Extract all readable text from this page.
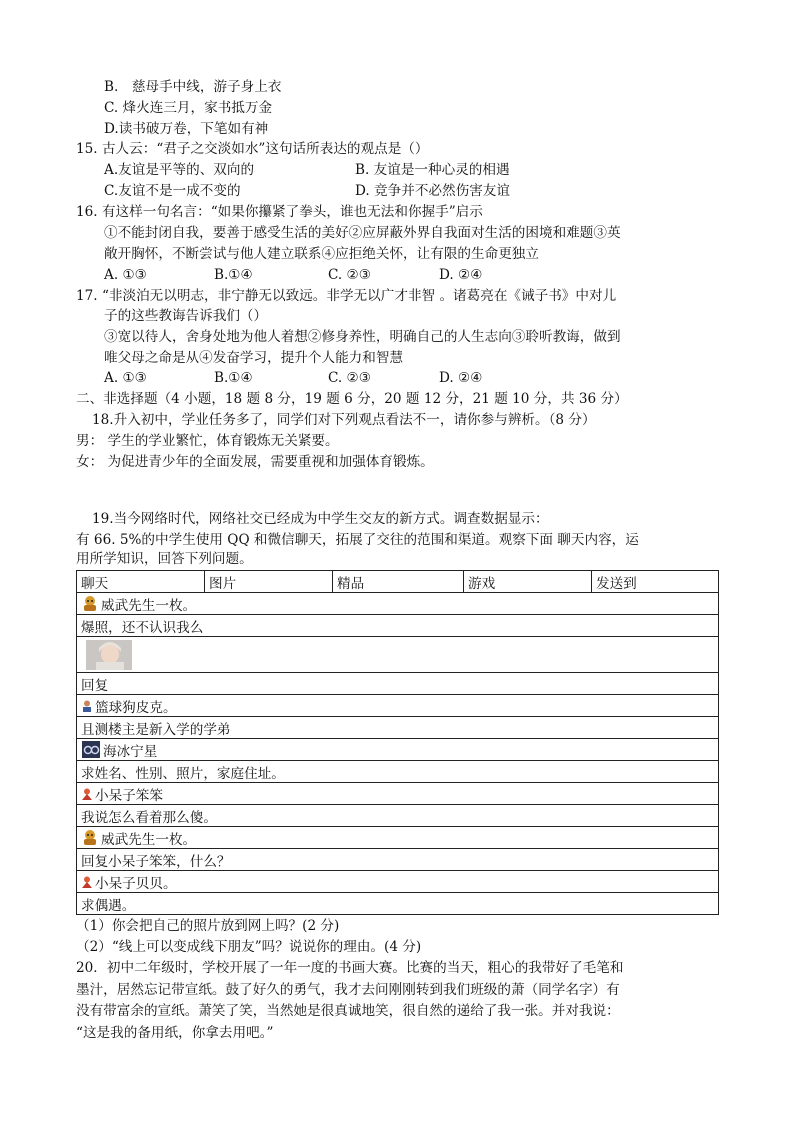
B.　慈母手中线，游子身上衣
C. 烽火连三月，家书抵万金
D.读书破万卷，下笔如有神
15. 古人云：“君子之交淡如水”这句话所表达的观点是（）
A.友谊是平等的、双向的	B. 友谊是一种心灵的相遇
C.友谊不是一成不变的	D. 竞争并不必然伤害友谊
16. 有这样一句名言：“如果你攥紧了拳头，谁也无法和你握手”启示
①不能封闭自我，要善于感受生活的美好②应屏蔽外界自我面对生活的困境和难题③英
敞开胸怀，不断尝试与他人建立联系④应拒绝关怀，让有限的生命更独立
A. ①③	B.①④	C. ②③	D. ②④
17. “非淡泊无以明志，非宁静无以致远。非学无以广才非智 。诸葛亮在《诫子书》中对儿
子的这些教诲告诉我们（）
③宽以待人，舍身处地为他人着想②修身养性，明确自己的人生志向③聆听教诲，做到
唯父母之命是从④发奋学习，提升个人能力和智慧
A. ①③	B.①④	C. ②③	D. ②④
二、非选择题（4 小题，18 题 8 分，19 题 6 分，20 题 12 分，21 题 10 分，共 36 分）
18.升入初中，学业任务多了，同学们对下列观点看法不一，请你参与辨析。（8 分）
男： 学生的学业繁忙，体育锻炼无关紧要。
女： 为促进青少年的全面发展，需要重视和加强体育锻炼。
19.当今网络时代，网络社交已经成为中学生交友的新方式。调查数据显示：
有 66. 5%的中学生使用 QQ 和微信聊天，拓展了交往的范围和渠道。观察下面 聊天内容，运
用所学知识，回答下列问题。
聊天	图片	精品	游戏	发送到
威武先生一枚。
爆照，还不认识我么
回复
篮球狗皮克。
且测楼主是新入学的学弟
海冰宁星
求姓名、性别、照片，家庭住址。
小呆子笨笨
我说怎么看着那么傻。
威武先生一枚。
回复小呆子笨笨，什么？
小呆子贝贝。
求偶遇。
（1）你会把自己的照片放到网上吗？(2 分)
（2）“线上可以变成线下朋友”吗？说说你的理由。(4 分)
20．初中二年级时，学校开展了一年一度的书画大赛。比赛的当天，粗心的我带好了毛笔和
墨汁，居然忘记带宣纸。鼓了好久的勇气，我才去问刚刚转到我们班级的萧（同学名字）有
没有带富余的宣纸。萧笑了笑，当然她是很真诚地笑，很自然的递给了我一张。并对我说：
“这是我的备用纸，你拿去用吧。”
